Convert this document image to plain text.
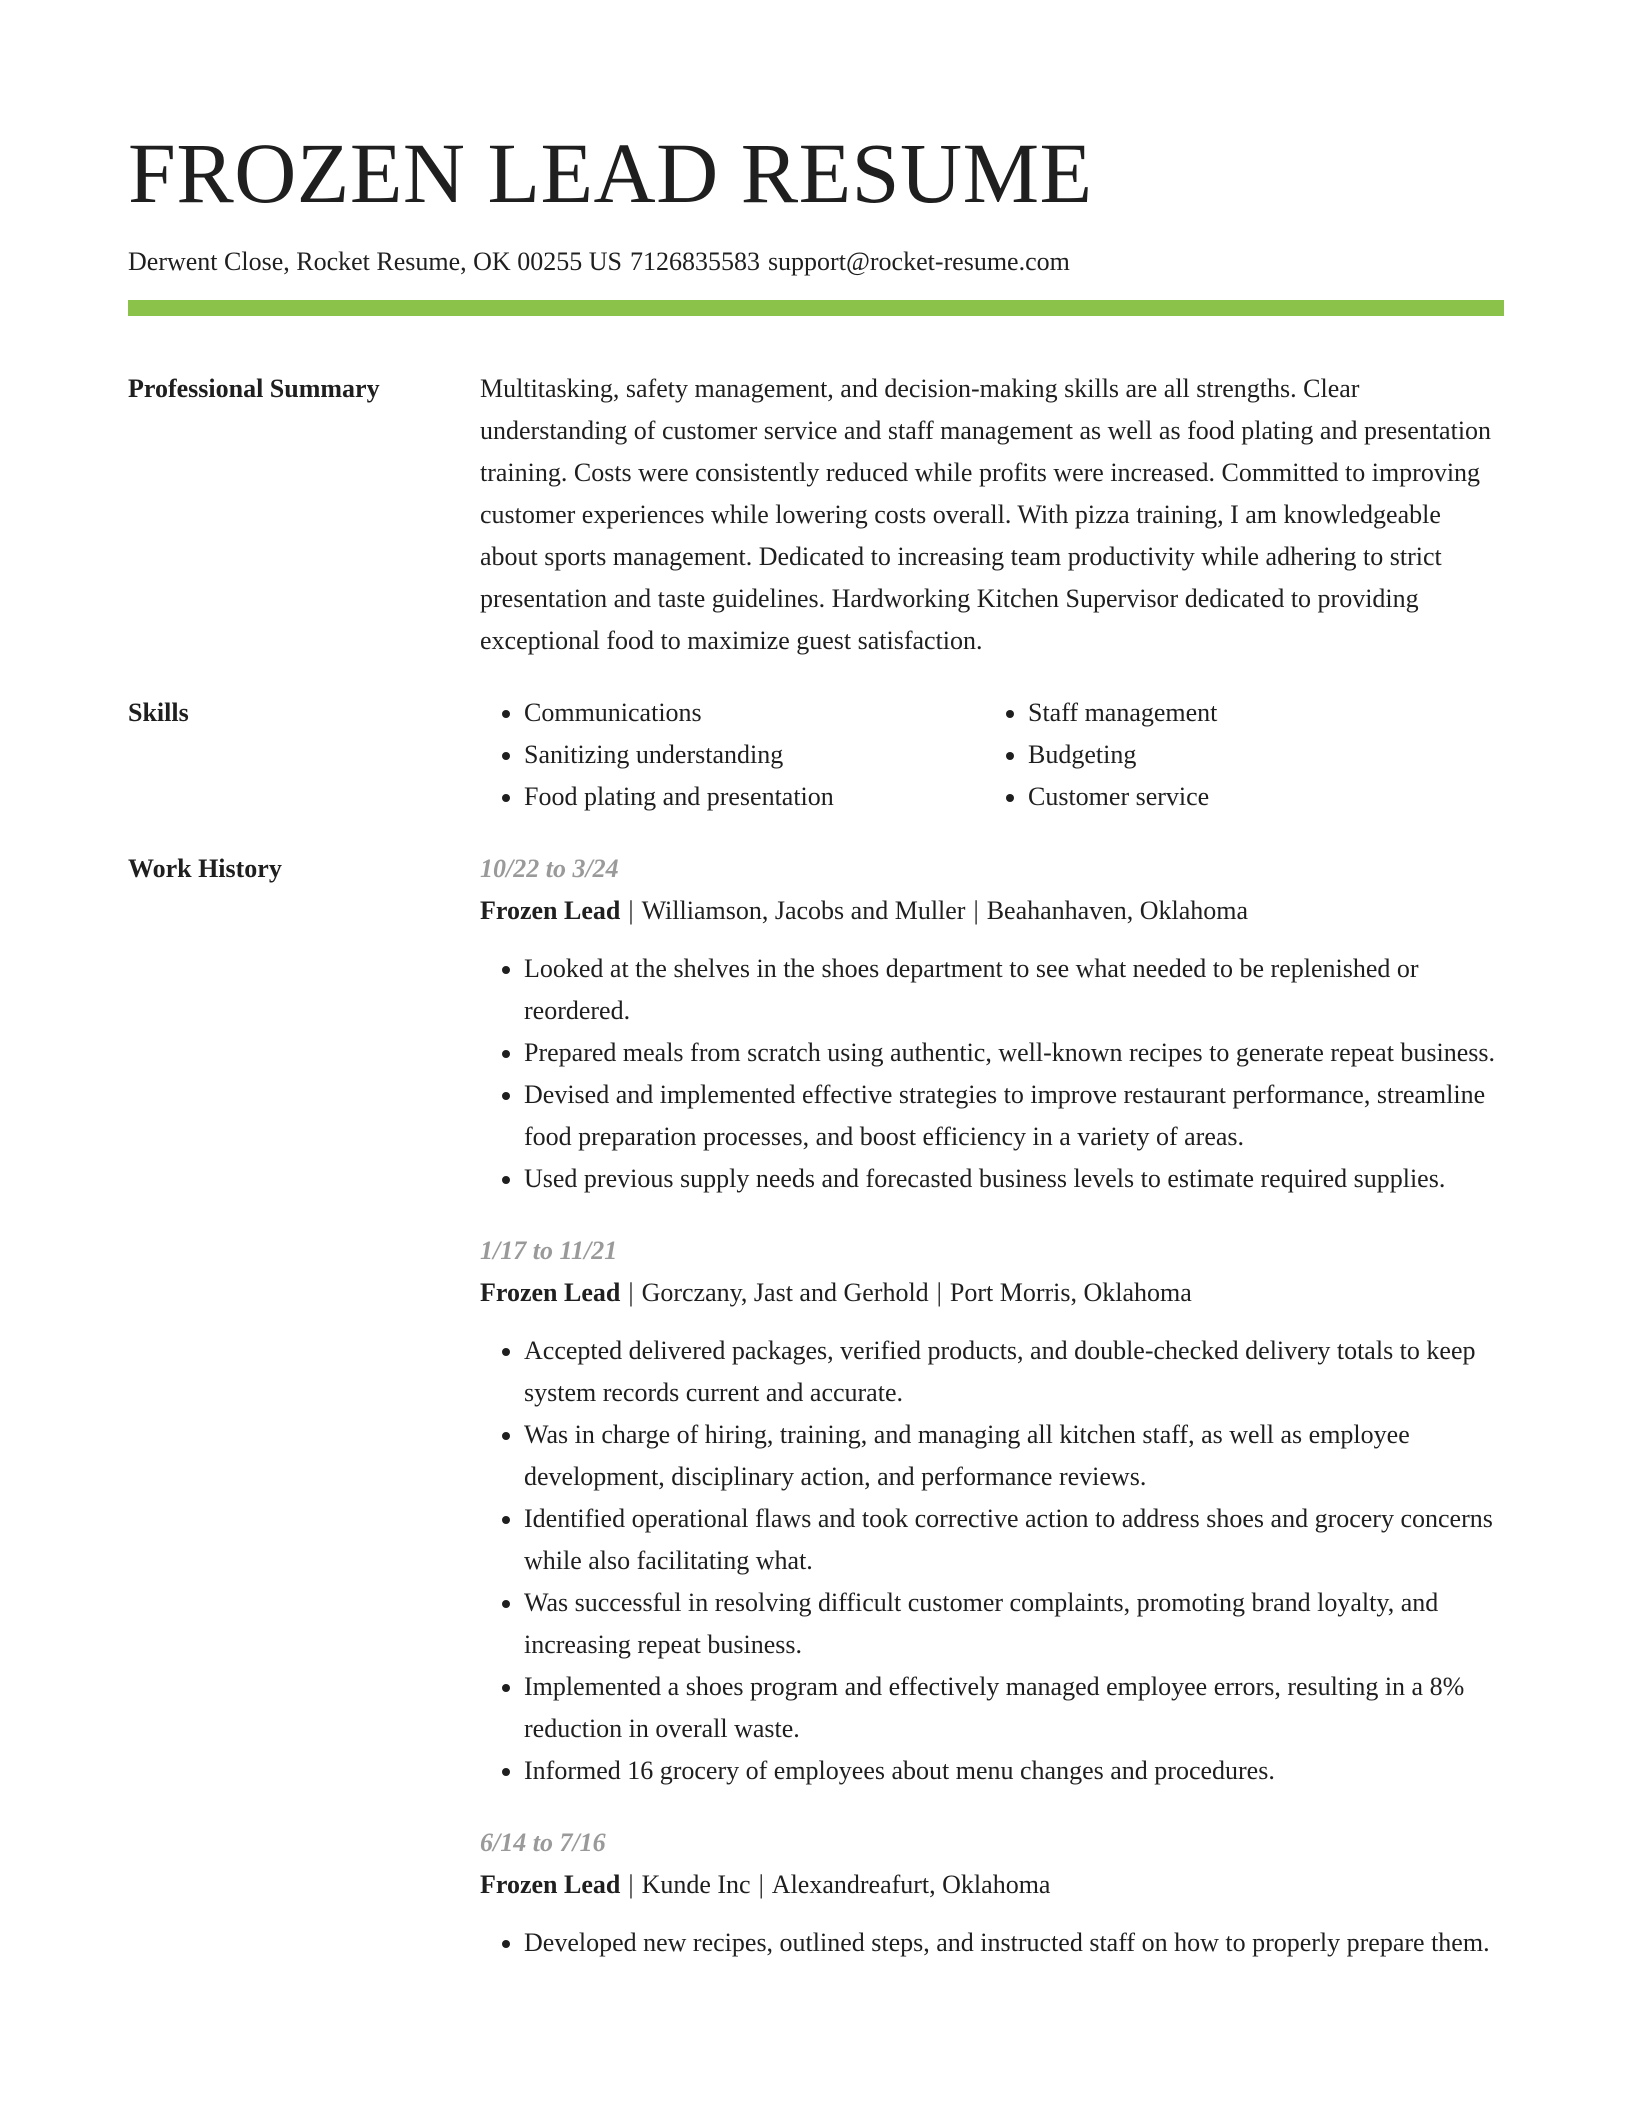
FROZEN LEAD RESUME
Derwent Close, Rocket Resume, OK 00255 US 7126835583 support@rocket-resume.com
Professional Summary	Multitasking, safety management, and decision-making skills are all strengths. Clear understanding of customer service and staff management as well as food plating and presentation training. Costs were consistently reduced while profits were increased. Committed to improving customer experiences while lowering costs overall. With pizza training, I am knowledgeable about sports management. Dedicated to increasing team productivity while adhering to strict presentation and taste guidelines. Hardworking Kitchen Supervisor dedicated to providing exceptional food to maximize guest satisfaction.

Skills
•	Communications
• Sanitizing understanding
• Food plating and presentation
• Staff management
• Budgeting
• Customer service
Work History	10/22 to 3/24
Frozen Lead | Williamson, Jacobs and Muller | Beahanhaven, Oklahoma
• Looked at the shelves in the shoes department to see what needed to be replenished or reordered.
• Prepared meals from scratch using authentic, well-known recipes to generate repeat business.
• Devised and implemented effective strategies to improve restaurant performance, streamline food preparation processes, and boost efficiency in a variety of areas.
• Used previous supply needs and forecasted business levels to estimate required supplies.
1/17 to 11/21
Frozen Lead | Gorczany, Jast and Gerhold | Port Morris, Oklahoma
• Accepted delivered packages, verified products, and double-checked delivery totals to keep system records current and accurate.
• Was in charge of hiring, training, and managing all kitchen staff, as well as employee development, disciplinary action, and performance reviews.
• Identified operational flaws and took corrective action to address shoes and grocery concerns while also facilitating what.
• Was successful in resolving difficult customer complaints, promoting brand loyalty, and increasing repeat business.
• Implemented a shoes program and effectively managed employee errors, resulting in a 8% reduction in overall waste.
• Informed 16 grocery of employees about menu changes and procedures.
6/14 to 7/16
Frozen Lead | Kunde Inc | Alexandreafurt, Oklahoma
• Developed new recipes, outlined steps, and instructed staff on how to properly prepare them.
